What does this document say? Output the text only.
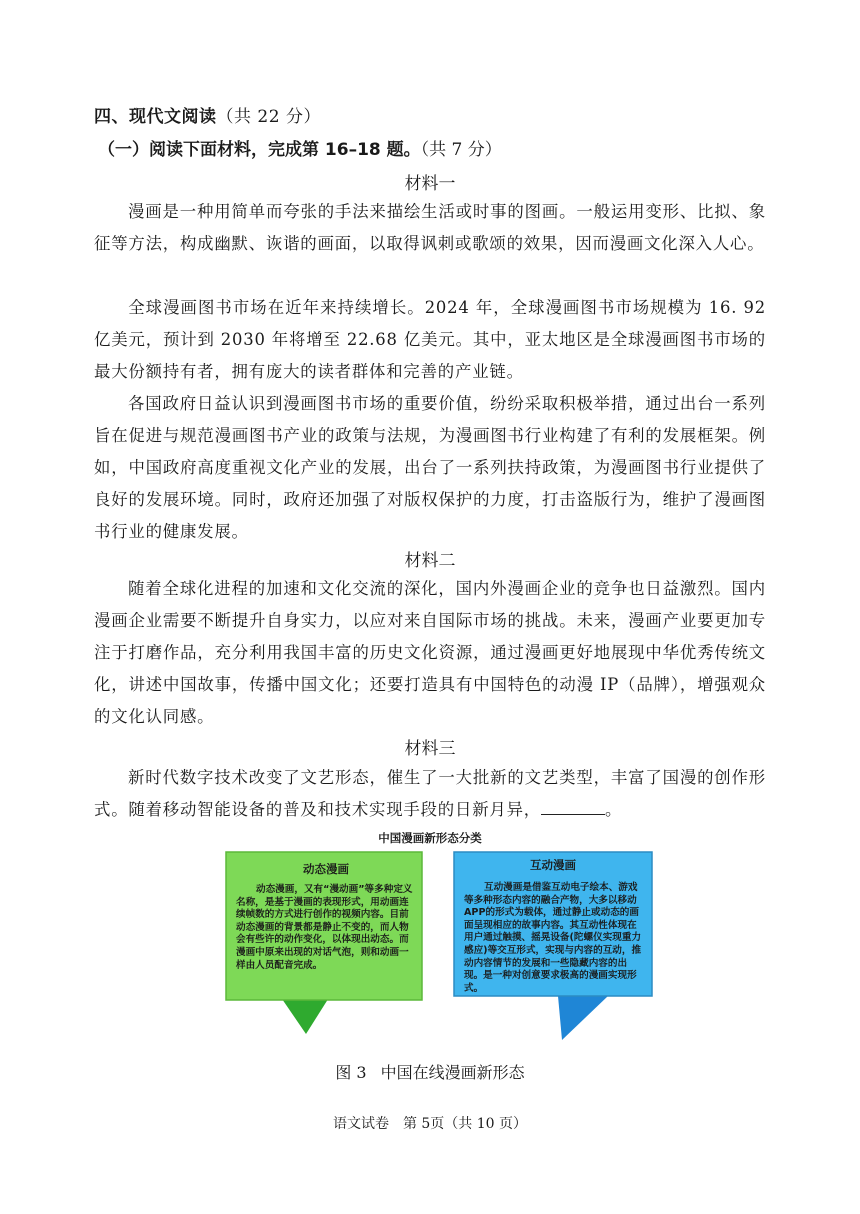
四、现代文阅读（共 22 分）
（一）阅读下面材料，完成第 16–18 题。（共 7 分）
材料一
漫画是一种用简单而夸张的手法来描绘生活或时事的图画。一般运用变形、比拟、象征等方法，构成幽默、诙谐的画面，以取得讽刺或歌颂的效果，因而漫画文化深入人心。
全球漫画图书市场在近年来持续增长。2024 年，全球漫画图书市场规模为 16. 92 亿美元，预计到 2030 年将增至 22.68 亿美元。其中，亚太地区是全球漫画图书市场的最大份额持有者，拥有庞大的读者群体和完善的产业链。
各国政府日益认识到漫画图书市场的重要价值，纷纷采取积极举措，通过出台一系列旨在促进与规范漫画图书产业的政策与法规，为漫画图书行业构建了有利的发展框架。例如，中国政府高度重视文化产业的发展，出台了一系列扶持政策，为漫画图书行业提供了良好的发展环境。同时，政府还加强了对版权保护的力度，打击盗版行为，维护了漫画图书行业的健康发展。
材料二
随着全球化进程的加速和文化交流的深化，国内外漫画企业的竞争也日益激烈。国内漫画企业需要不断提升自身实力，以应对来自国际市场的挑战。未来，漫画产业要更加专注于打磨作品，充分利用我国丰富的历史文化资源，通过漫画更好地展现中华优秀传统文化，讲述中国故事，传播中国文化；还要打造具有中国特色的动漫 IP（品牌），增强观众的文化认同感。
材料三
新时代数字技术改变了文艺形态，催生了一大批新的文艺类型，丰富了国漫的创作形式。随着移动智能设备的普及和技术实现手段的日新月异，	。
中国漫画新形态分类
动态漫画
动态漫画，又有“漫动画”等多种定义名称，是基于漫画的表现形式，用动画连续帧数的方式进行创作的视频内容。目前动态漫画的背景都是静止不变的，而人物会有些许的动作变化，以体现出动态。而漫画中原来出现的对话气泡，则和动画一样由人员配音完成。
互动漫画
互动漫画是借鉴互动电子绘本、游戏等多种形态内容的融合产物，大多以移动APP的形式为载体，通过静止或动态的画面呈现相应的故事内容。其互动性体现在用户通过触摸、摇晃设备(陀螺仪实现重力感应)等交互形式，实现与内容的互动，推动内容情节的发展和一些隐藏内容的出现。是一种对创意要求极高的漫画实现形式。
图 3 中国在线漫画新形态
语文试卷　第 5页（共 10 页）
